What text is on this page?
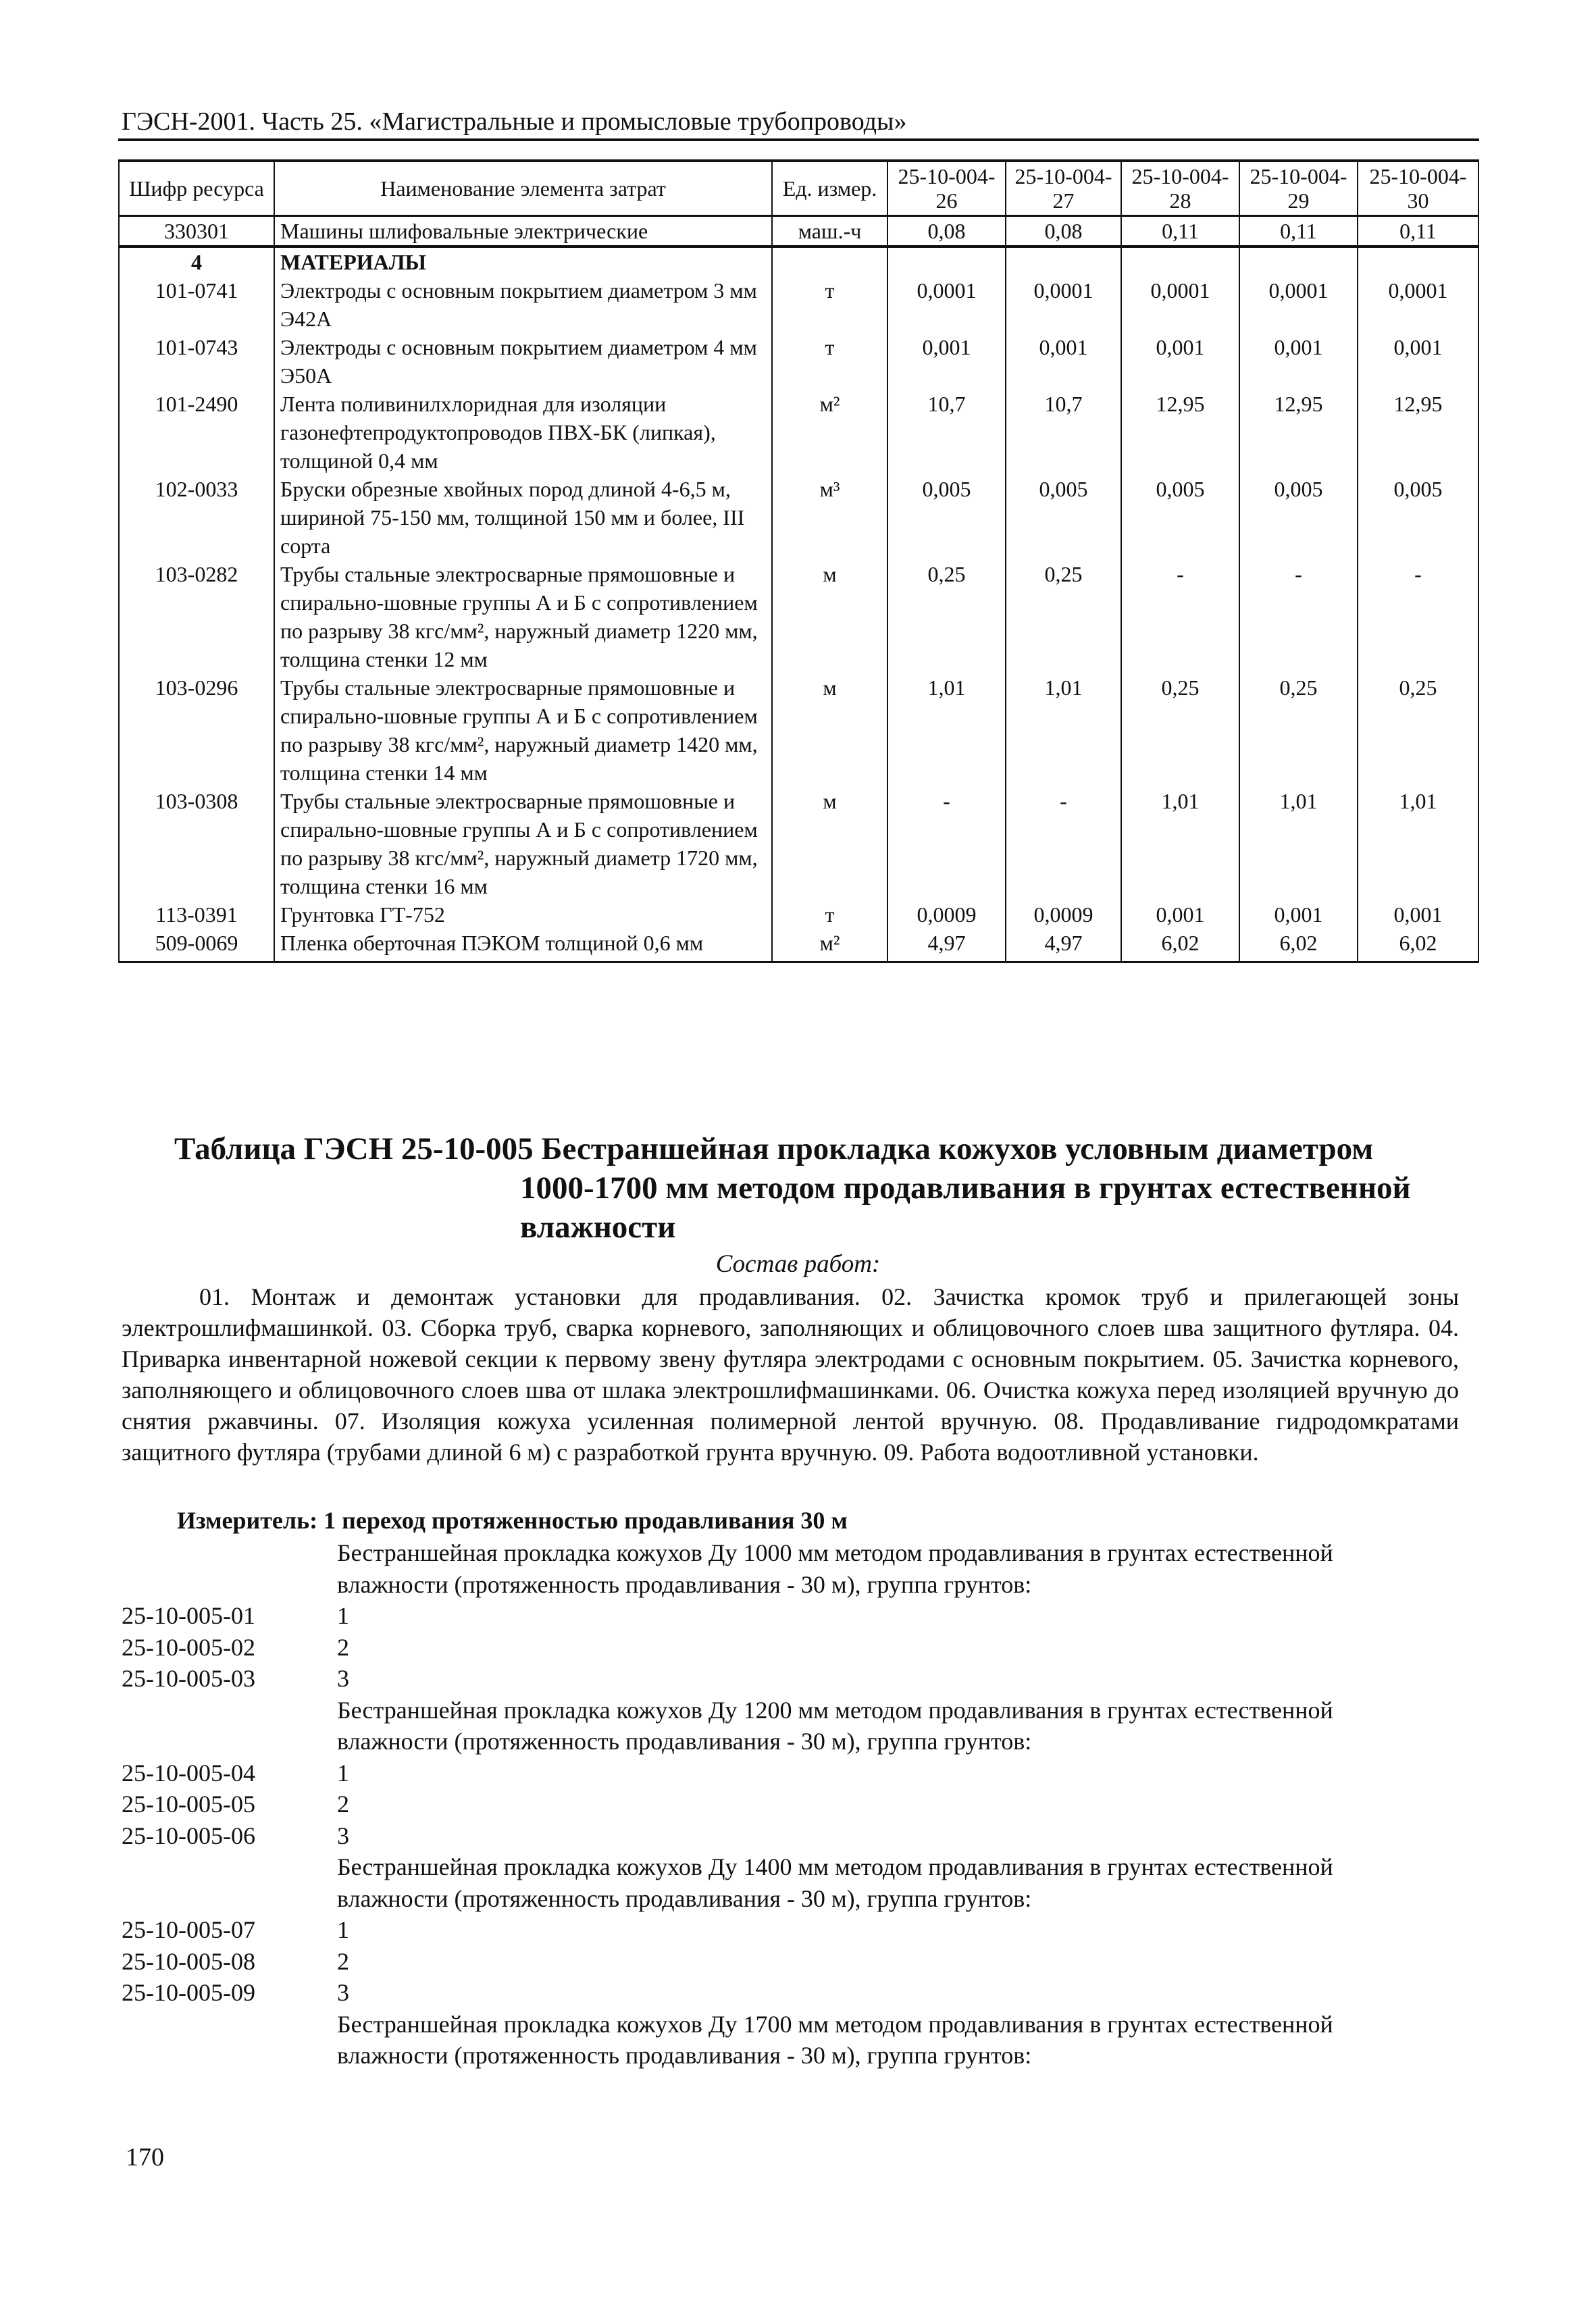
ГЭСН-2001. Часть 25. «Магистральные и промысловые трубопроводы»
Шифр ресурса	Наименование элемента затрат	Ед. измер.	25-10-004-26	25-10-004-27	25-10-004-28	25-10-004-29	25-10-004-30
330301	Машины шлифовальные электрические	маш.-ч	0,08	0,08	0,11	0,11	0,11
4	МАТЕРИАЛЫ						
101-0741	Электроды с основным покрытием диаметром 3 мм Э42А	т	0,0001	0,0001	0,0001	0,0001	0,0001
101-0743	Электроды с основным покрытием диаметром 4 мм Э50А	т	0,001	0,001	0,001	0,001	0,001
101-2490	Лента поливинилхлоридная для изоляции газонефтепродуктопроводов ПВХ-БК (липкая), толщиной 0,4 мм	м²	10,7	10,7	12,95	12,95	12,95
102-0033	Бруски обрезные хвойных пород длиной 4-6,5 м, шириной 75-150 мм, толщиной 150 мм и более, III сорта	м³	0,005	0,005	0,005	0,005	0,005
103-0282	Трубы стальные электросварные прямошовные и спирально-шовные группы А и Б с сопротивлением по разрыву 38 кгс/мм², наружный диаметр 1220 мм, толщина стенки 12 мм	м	0,25	0,25	-	-	-
103-0296	Трубы стальные электросварные прямошовные и спирально-шовные группы А и Б с сопротивлением по разрыву 38 кгс/мм², наружный диаметр 1420 мм, толщина стенки 14 мм	м	1,01	1,01	0,25	0,25	0,25
103-0308	Трубы стальные электросварные прямошовные и спирально-шовные группы А и Б с сопротивлением по разрыву 38 кгс/мм², наружный диаметр 1720 мм, толщина стенки 16 мм	м	-	-	1,01	1,01	1,01
113-0391	Грунтовка ГТ-752	т	0,0009	0,0009	0,001	0,001	0,001
509-0069	Пленка оберточная ПЭКОМ толщиной 0,6 мм	м²	4,97	4,97	6,02	6,02	6,02
Таблица ГЭСН 25-10-005 Бестраншейная прокладка кожухов условным диаметром
1000-1700 мм методом продавливания в грунтах естественной
влажности
Состав работ:
01. Монтаж и демонтаж установки для продавливания. 02. Зачистка кромок труб и прилегающей зоны электрошлифмашинкой. 03. Сборка труб, сварка корневого, заполняющих и облицовочного слоев шва защитного футляра. 04. Приварка инвентарной ножевой секции к первому звену футляра электродами с основным покрытием. 05. Зачистка корневого, заполняющего и облицовочного слоев шва от шлака электрошлифмашинками. 06. Очистка кожуха перед изоляцией вручную до снятия ржавчины. 07. Изоляция кожуха усиленная полимерной лентой вручную. 08. Продавливание гидродомкратами защитного футляра (трубами длиной 6 м) с разработкой грунта вручную. 09. Работа водоотливной установки.
Измеритель: 1 переход протяженностью продавливания 30 м
Бестраншейная прокладка кожухов Ду 1000 мм методом продавливания в грунтах естественной влажности (протяженность продавливания - 30 м), группа грунтов:
25-10-005-01	1
25-10-005-02	2
25-10-005-03	3
Бестраншейная прокладка кожухов Ду 1200 мм методом продавливания в грунтах естественной влажности (протяженность продавливания - 30 м), группа грунтов:
25-10-005-04	1
25-10-005-05	2
25-10-005-06	3
Бестраншейная прокладка кожухов Ду 1400 мм методом продавливания в грунтах естественной влажности (протяженность продавливания - 30 м), группа грунтов:
25-10-005-07	1
25-10-005-08	2
25-10-005-09	3
Бестраншейная прокладка кожухов Ду 1700 мм методом продавливания в грунтах естественной влажности (протяженность продавливания - 30 м), группа грунтов:
170
